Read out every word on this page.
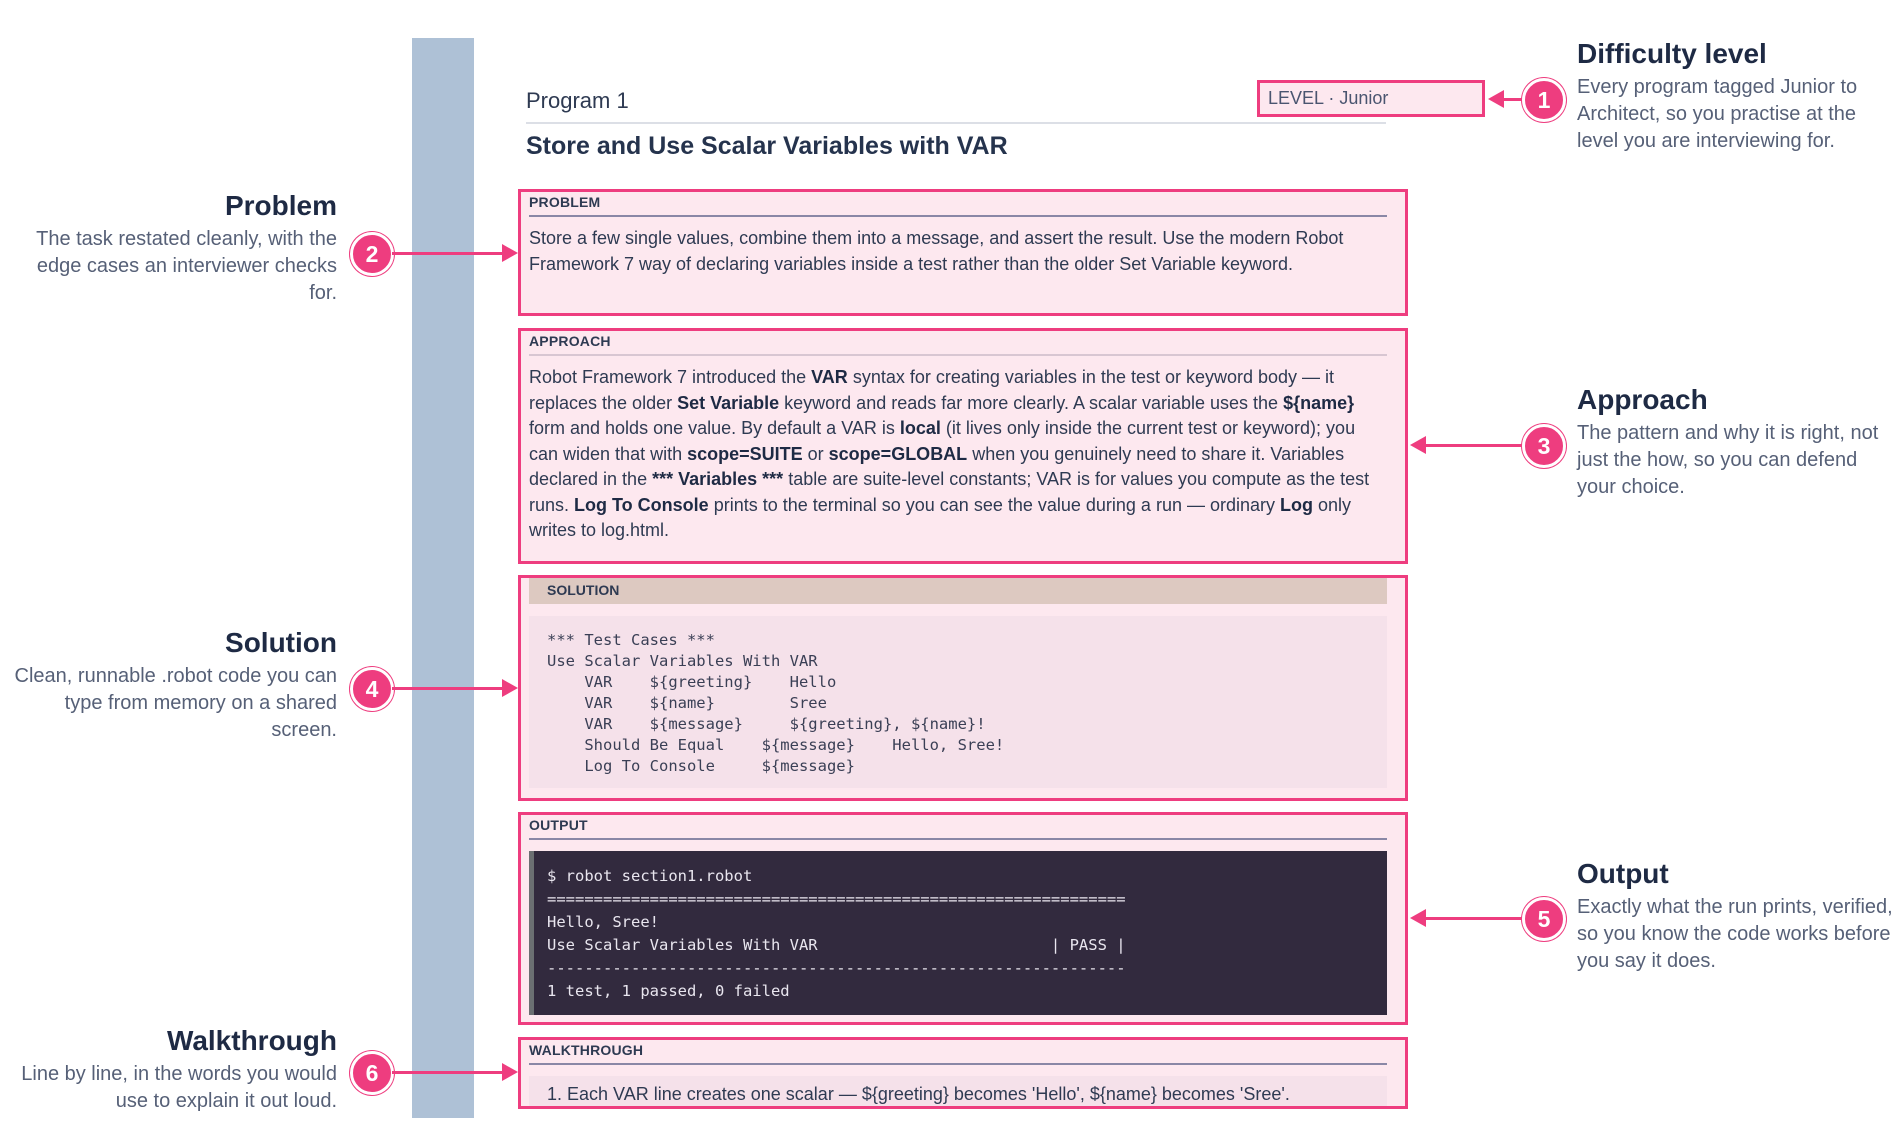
Program 1	LEVEL · Junior
Store and Use Scalar Variables with VAR
PROBLEM
Store a few single values, combine them into a message, and assert the result. Use the modern Robot Framework 7 way of declaring variables inside a test rather than the older Set Variable keyword.
APPROACH
Robot Framework 7 introduced the VAR syntax for creating variables in the test or keyword body — it replaces the older Set Variable keyword and reads far more clearly. A scalar variable uses the ${name} form and holds one value. By default a VAR is local (it lives only inside the current test or keyword); you can widen that with scope=SUITE or scope=GLOBAL when you genuinely need to share it. Variables declared in the *** Variables *** table are suite-level constants; VAR is for values you compute as the test runs. Log To Console prints to the terminal so you can see the value during a run — ordinary Log only writes to log.html.
SOLUTION
*** Test Cases ***
Use Scalar Variables With VAR
VAR    ${greeting}    Hello
VAR    ${name}        Sree
VAR    ${message}     ${greeting}, ${name}!
Should Be Equal    ${message}    Hello, Sree!
Log To Console     ${message}
OUTPUT
$ robot section1.robot
==============================================================
Hello, Sree!
Use Scalar Variables With VAR                         | PASS |
--------------------------------------------------------------
1 test, 1 passed, 0 failed
WALKTHROUGH
1. Each VAR line creates one scalar — ${greeting} becomes 'Hello', ${name} becomes 'Sree'.
Difficulty level
Every program tagged Junior to Architect, so you practise at the level you are interviewing for.
Approach
The pattern and why it is right, not just the how, so you can defend your choice.
Output
Exactly what the run prints, verified, so you know the code works before you say it does.
Problem
The task restated cleanly, with the edge cases an interviewer checks for.
Solution
Clean, runnable .robot code you can type from memory on a shared screen.
Walkthrough
Line by line, in the words you would use to explain it out loud.
1
3
5
2
4
6
